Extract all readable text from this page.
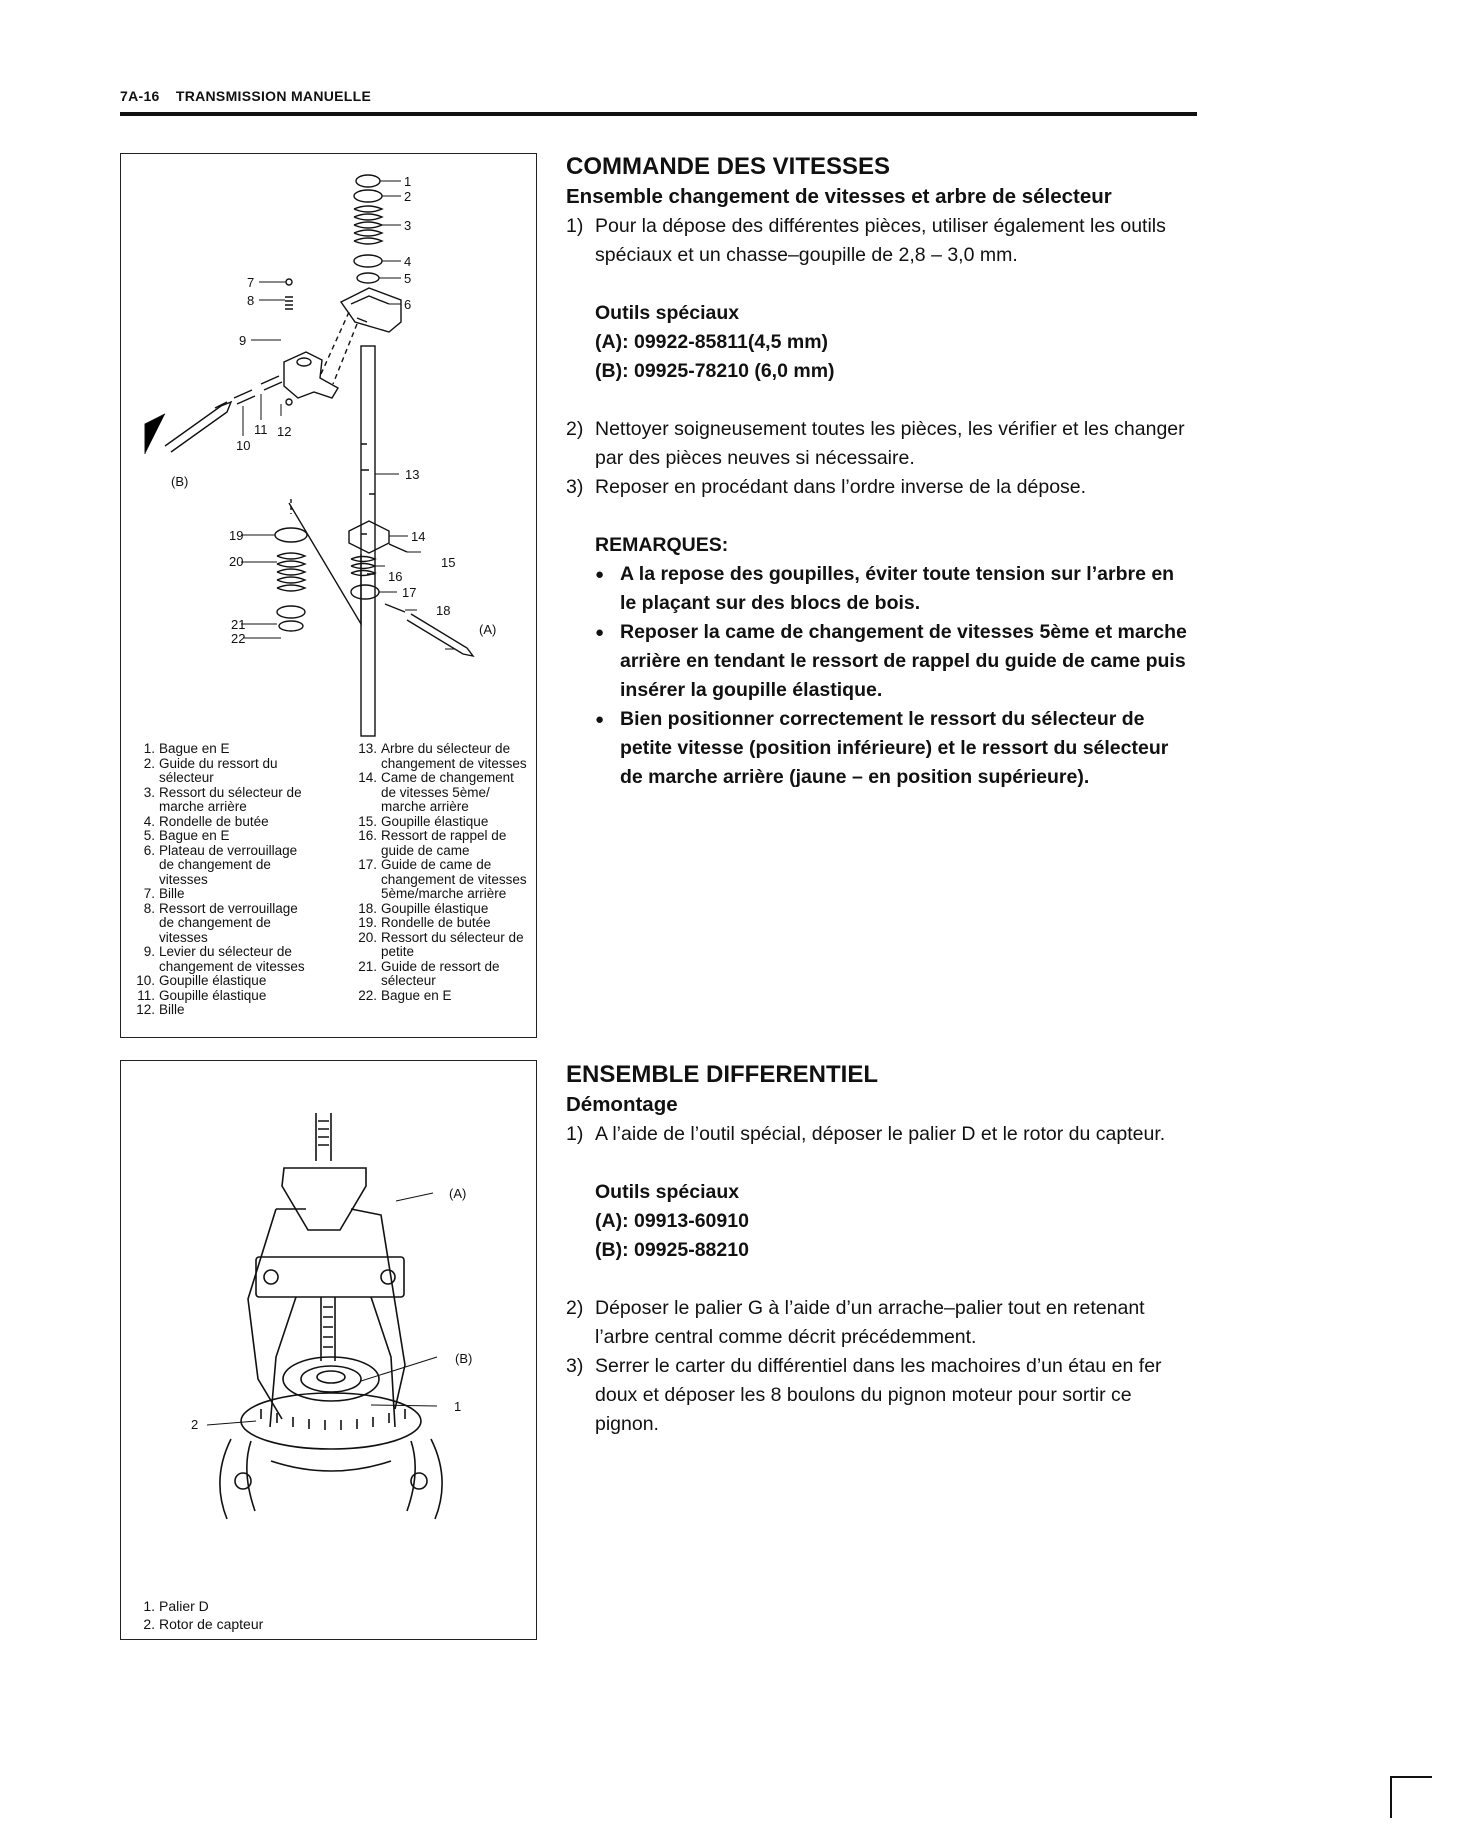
7A-16 TRANSMISSION MANUELLE
1
2
3
4
5
6
7
8
9
10
11 12
13
14
15
16
17
18
19
20
21
22
(A)
(B)
1. Bague en E
2. Guide du ressort du sélecteur
3. Ressort du sélecteur de marche arrière
4. Rondelle de butée
5. Bague en E
6. Plateau de verrouillage de changement de vitesses
7. Bille
8. Ressort de verrouillage de changement de vitesses
9. Levier du sélecteur de changement de vitesses
10. Goupille élastique
11. Goupille élastique
12. Bille
13. Arbre du sélecteur de changement de vitesses
14. Came de changement de vitesses 5ème/ marche arrière
15. Goupille élastique
16. Ressort de rappel de guide de came
17. Guide de came de changement de vitesses 5ème/marche arrière
18. Goupille élastique
19. Rondelle de butée
20. Ressort du sélecteur de petite
21. Guide de ressort de sélecteur
22. Bague en E
COMMANDE DES VITESSES
Ensemble changement de vitesses et arbre de sélecteur
1) Pour la dépose des différentes pièces, utiliser également les outils spéciaux et un chasse–goupille de 2,8 – 3,0 mm.
Outils spéciaux
(A): 09922-85811(4,5 mm)
(B): 09925-78210 (6,0 mm)
2) Nettoyer soigneusement toutes les pièces, les vérifier et les changer par des pièces neuves si nécessaire.
3) Reposer en procédant dans l’ordre inverse de la dépose.
REMARQUES:
● A la repose des goupilles, éviter toute tension sur l’arbre en le plaçant sur des blocs de bois.
● Reposer la came de changement de vitesses 5ème et marche arrière en tendant le ressort de rappel du guide de came puis insérer la goupille élastique.
● Bien positionner correctement le ressort du sélecteur de petite vitesse (position inférieure) et le ressort du sélecteur de marche arrière (jaune – en position supérieure).
(A)
(B)
1
2
1. Palier D
2. Rotor de capteur
ENSEMBLE DIFFERENTIEL
Démontage
1) A l’aide de l’outil spécial, déposer le palier D et le rotor du capteur.
Outils spéciaux
(A): 09913-60910
(B): 09925-88210
2) Déposer le palier G à l’aide d’un arrache–palier tout en retenant l’arbre central comme décrit précédemment.
3) Serrer le carter du différentiel dans les machoires d’un étau en fer doux et déposer les 8 boulons du pignon moteur pour sortir ce pignon.
